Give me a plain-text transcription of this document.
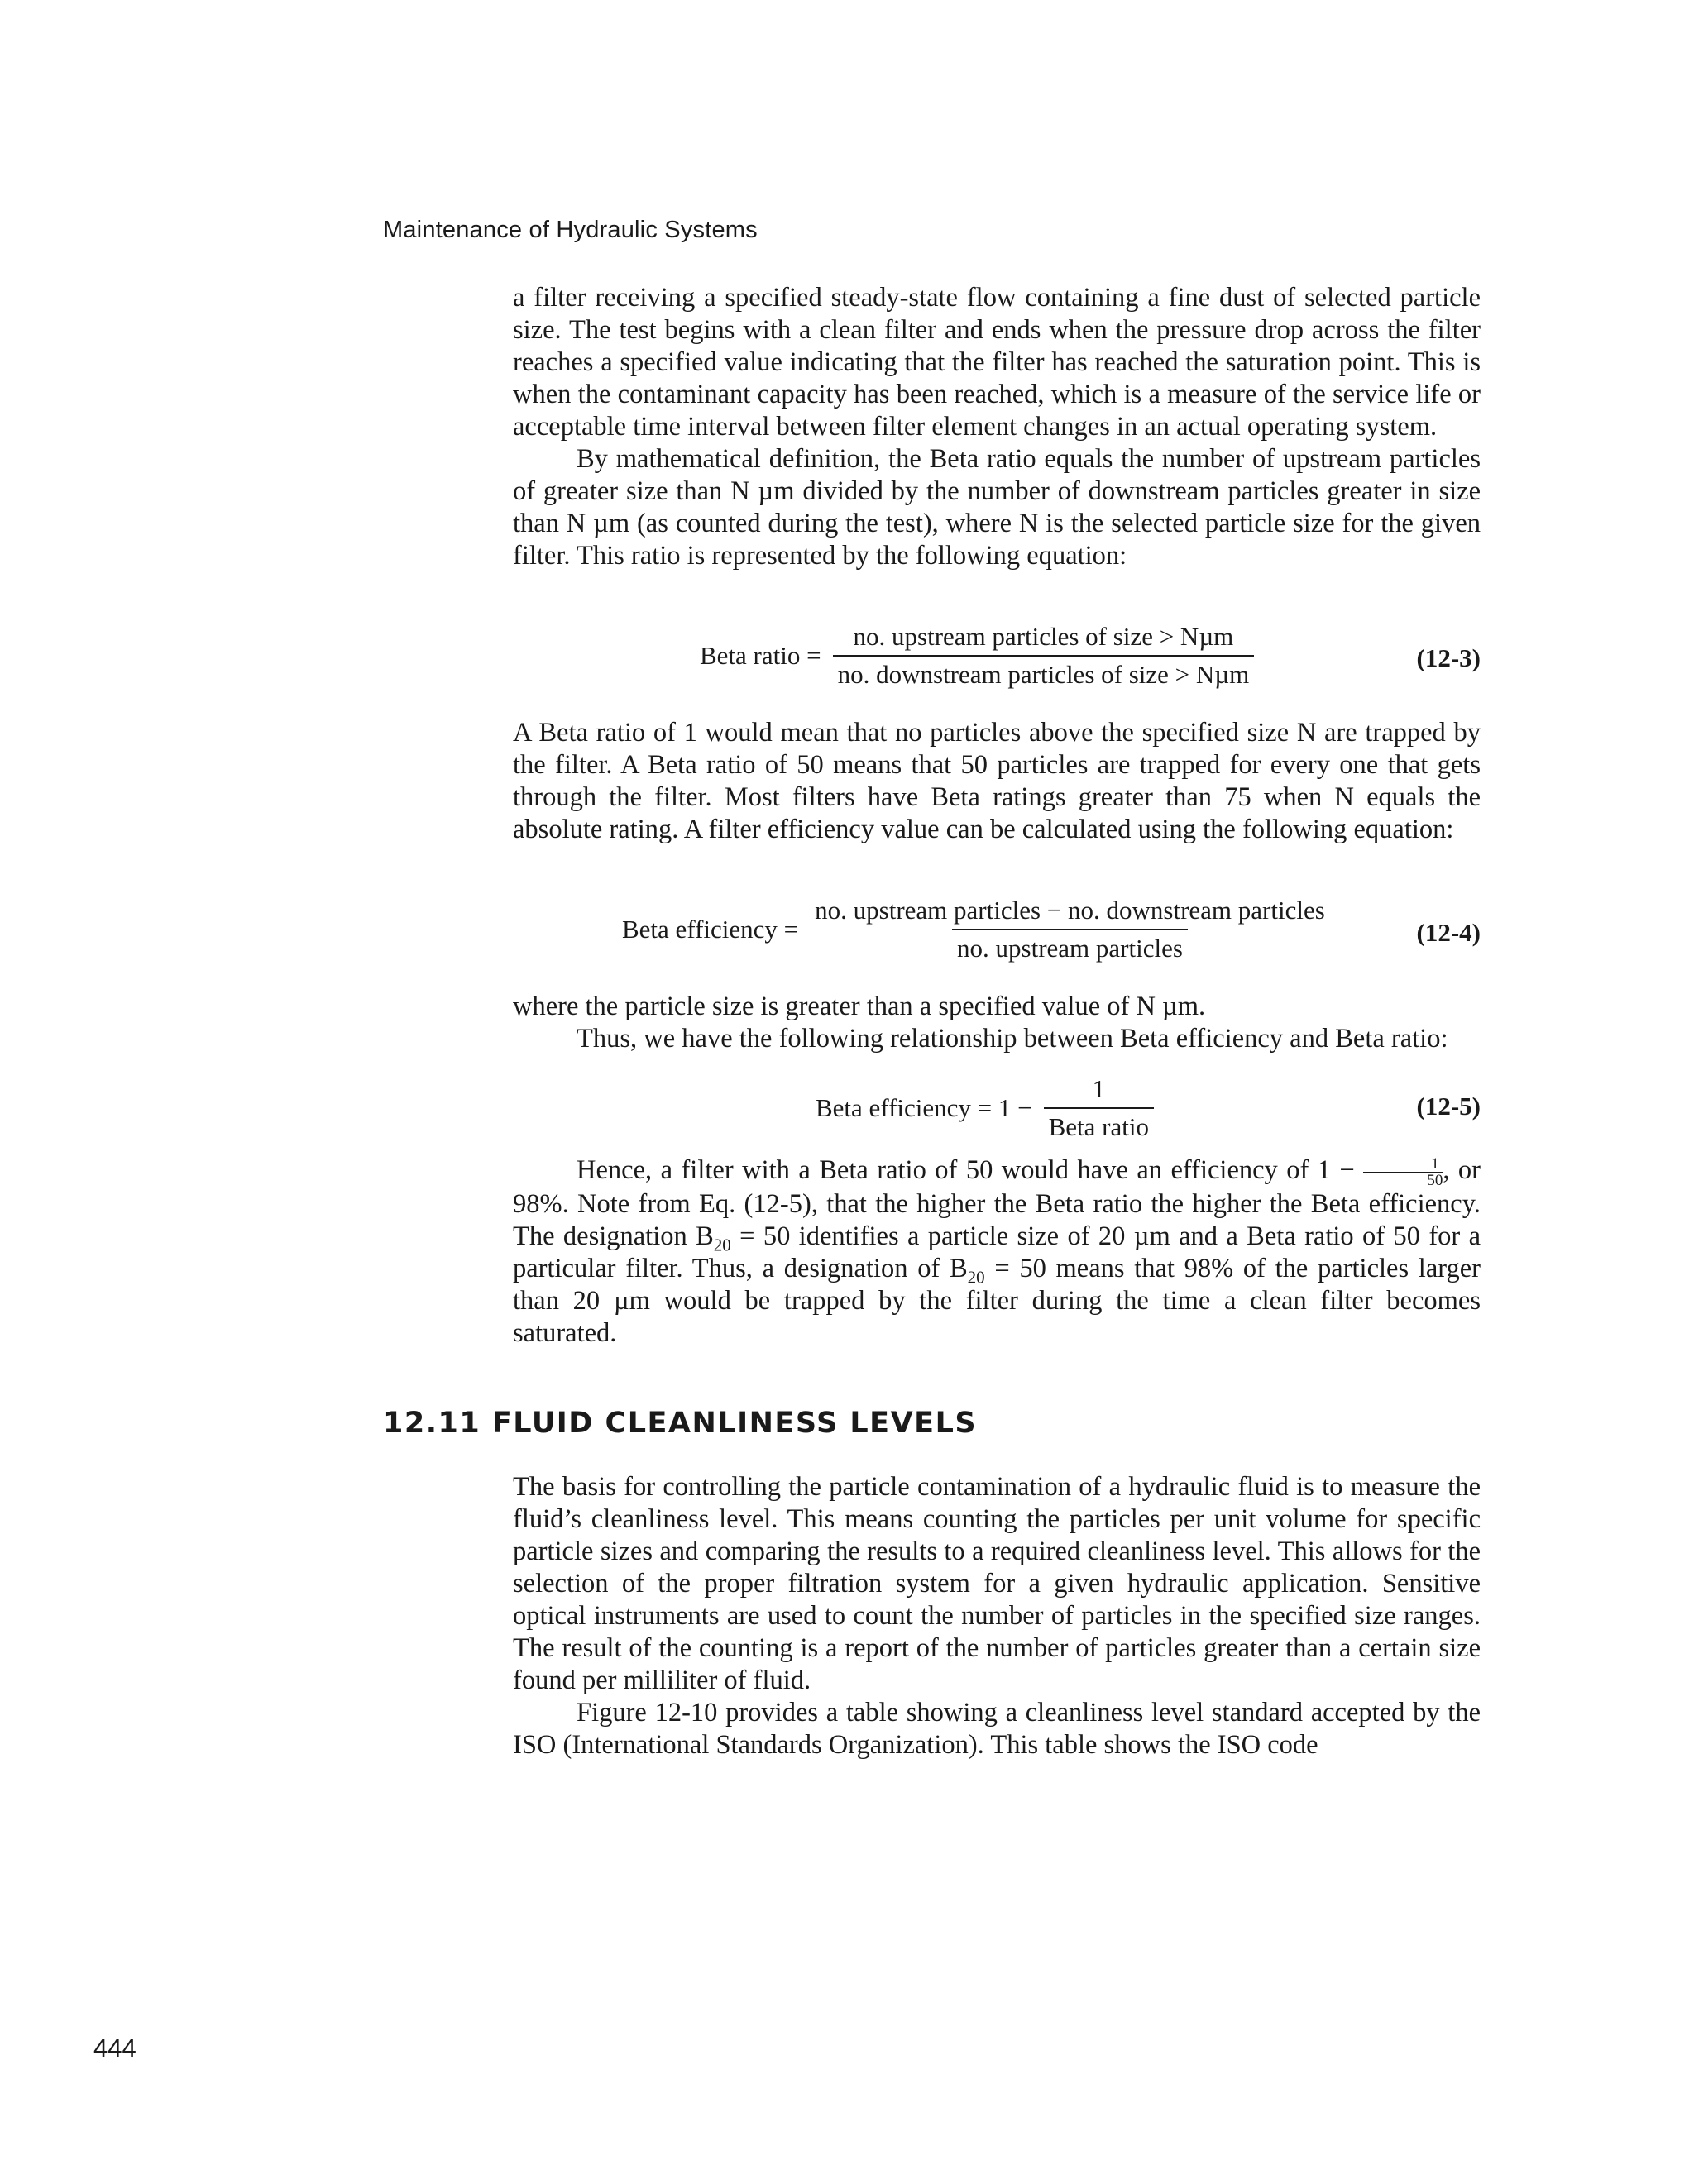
Maintenance of Hydraulic Systems

a filter receiving a specified steady-state flow containing a fine dust of selected particle size. The test begins with a clean filter and ends when the pressure drop across the filter reaches a specified value indicating that the filter has reached the saturation point. This is when the contaminant capacity has been reached, which is a measure of the service life or acceptable time interval between filter element changes in an actual operating system.

By mathematical definition, the Beta ratio equals the number of upstream particles of greater size than N µm divided by the number of downstream particles greater in size than N µm (as counted during the test), where N is the selected particle size for the given filter. This ratio is represented by the following equation:

Beta ratio = $\frac{\text{no. upstream particles of size > Nµm}}{\text{no. downstream particles of size > Nµm}}$	(12-3)

A Beta ratio of 1 would mean that no particles above the specified size N are trapped by the filter. A Beta ratio of 50 means that 50 particles are trapped for every one that gets through the filter. Most filters have Beta ratings greater than 75 when N equals the absolute rating. A filter efficiency value can be calculated using the following equation:

Beta efficiency = $\frac{\text{no. upstream particles − no. downstream particles}}{\text{no. upstream particles}}$	(12-4)

where the particle size is greater than a specified value of N µm.

Thus, we have the following relationship between Beta efficiency and Beta ratio:

Beta efficiency = $1 - \frac{1}{\text{Beta ratio}}$	(12-5)

Hence, a filter with a Beta ratio of 50 would have an efficiency of $1 - \frac{1}{50}$ , or 98%. Note from Eq. (12-5), that the higher the Beta ratio the higher the Beta efficiency. The designation $B_{20} = 50$ identifies a particle size of 20 µm and a Beta ratio of 50 for a particular filter. Thus, a designation of $B_{20} = 50$ means that 98% of the particles larger than 20 µm would be trapped by the filter during the time a clean filter becomes saturated.

12.11 FLUID CLEANLINESS LEVELS

The basis for controlling the particle contamination of a hydraulic fluid is to measure the fluid’s cleanliness level. This means counting the particles per unit volume for specific particle sizes and comparing the results to a required cleanliness level. This allows for the selection of the proper filtration system for a given hydraulic application. Sensitive optical instruments are used to count the number of particles in the specified size ranges. The result of the counting is a report of the number of particles greater than a certain size found per milliliter of fluid.

Figure 12-10 provides a table showing a cleanliness level standard accepted by the ISO (International Standards Organization). This table shows the ISO code

444
